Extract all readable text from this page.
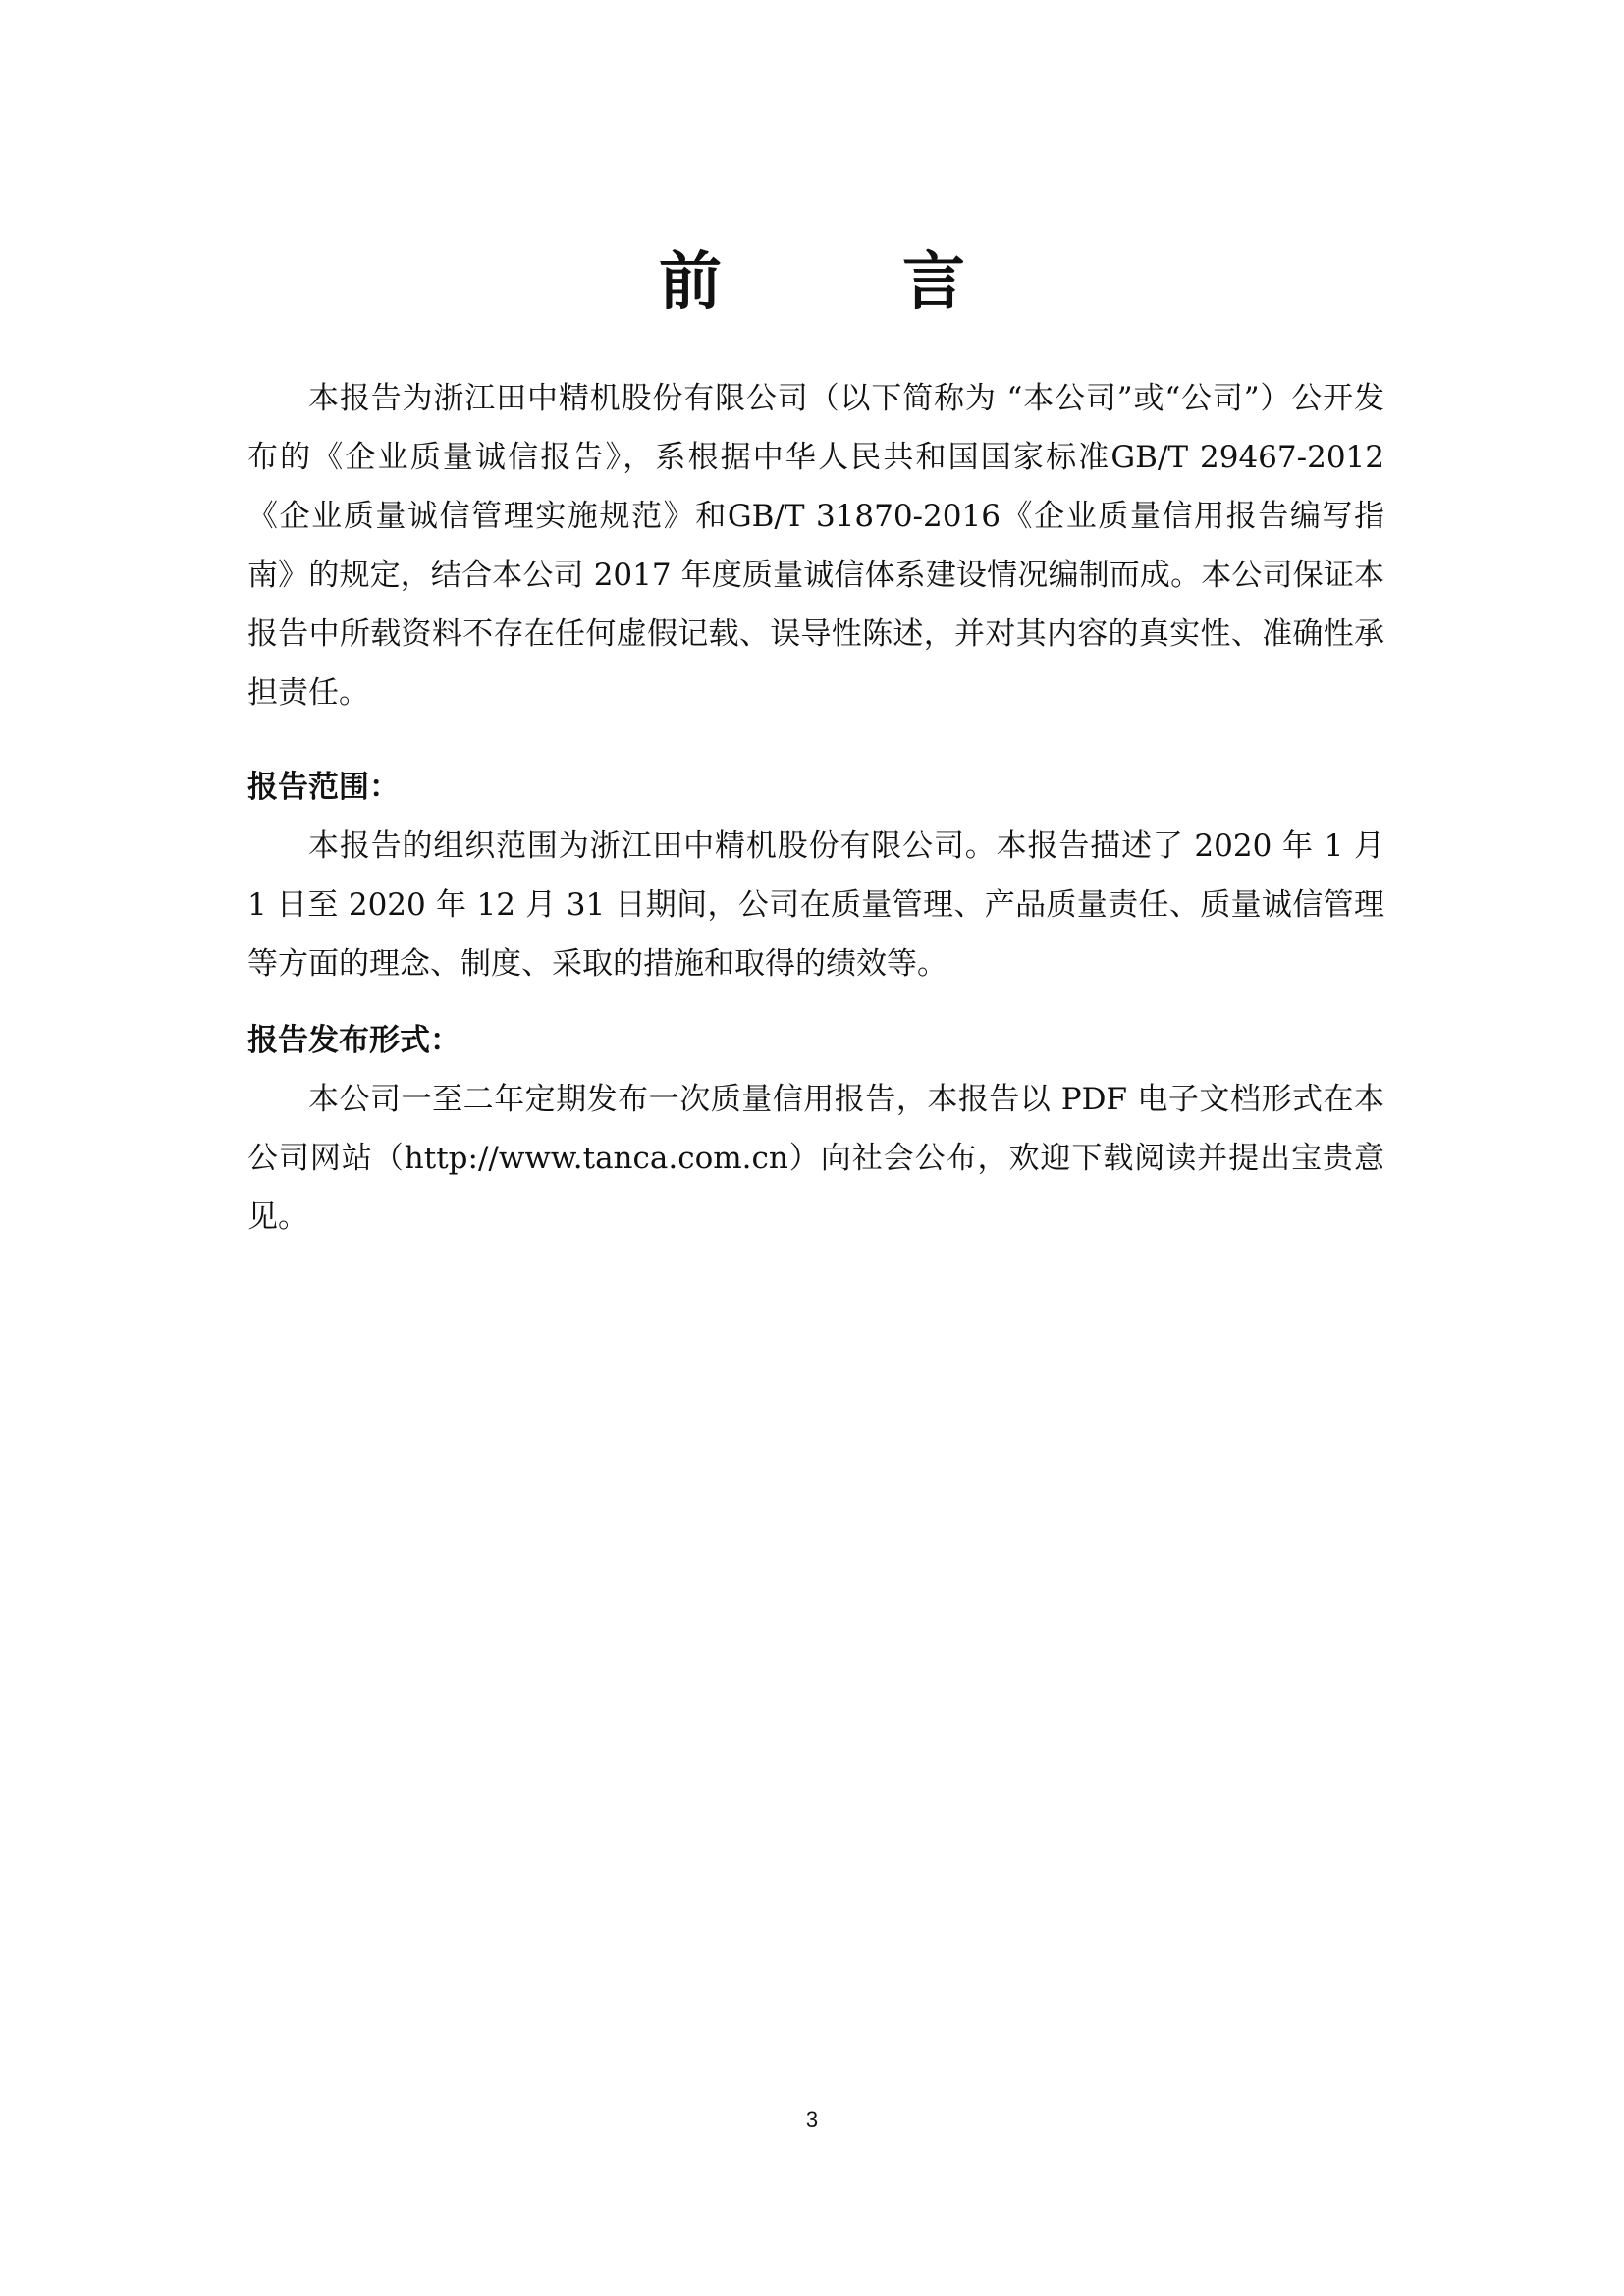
前　言

本报告为浙江田中精机股份有限公司（以下简称为 “本公司”或“公司”）公开发布的《企业质量诚信报告》，系根据中华人民共和国国家标准GB/T 29467-2012《企业质量诚信管理实施规范》和GB/T 31870-2016《企业质量信用报告编写指南》的规定，结合本公司 2017 年度质量诚信体系建设情况编制而成。本公司保证本报告中所载资料不存在任何虚假记载、误导性陈述，并对其内容的真实性、准确性承担责任。

报告范围：

本报告的组织范围为浙江田中精机股份有限公司。本报告描述了 2020 年 1 月 1 日至 2020 年 12 月 31 日期间，公司在质量管理、产品质量责任、质量诚信管理等方面的理念、制度、采取的措施和取得的绩效等。

报告发布形式：

本公司一至二年定期发布一次质量信用报告，本报告以 PDF 电子文档形式在本公司网站（http://www.tanca.com.cn）向社会公布，欢迎下载阅读并提出宝贵意见。

3
